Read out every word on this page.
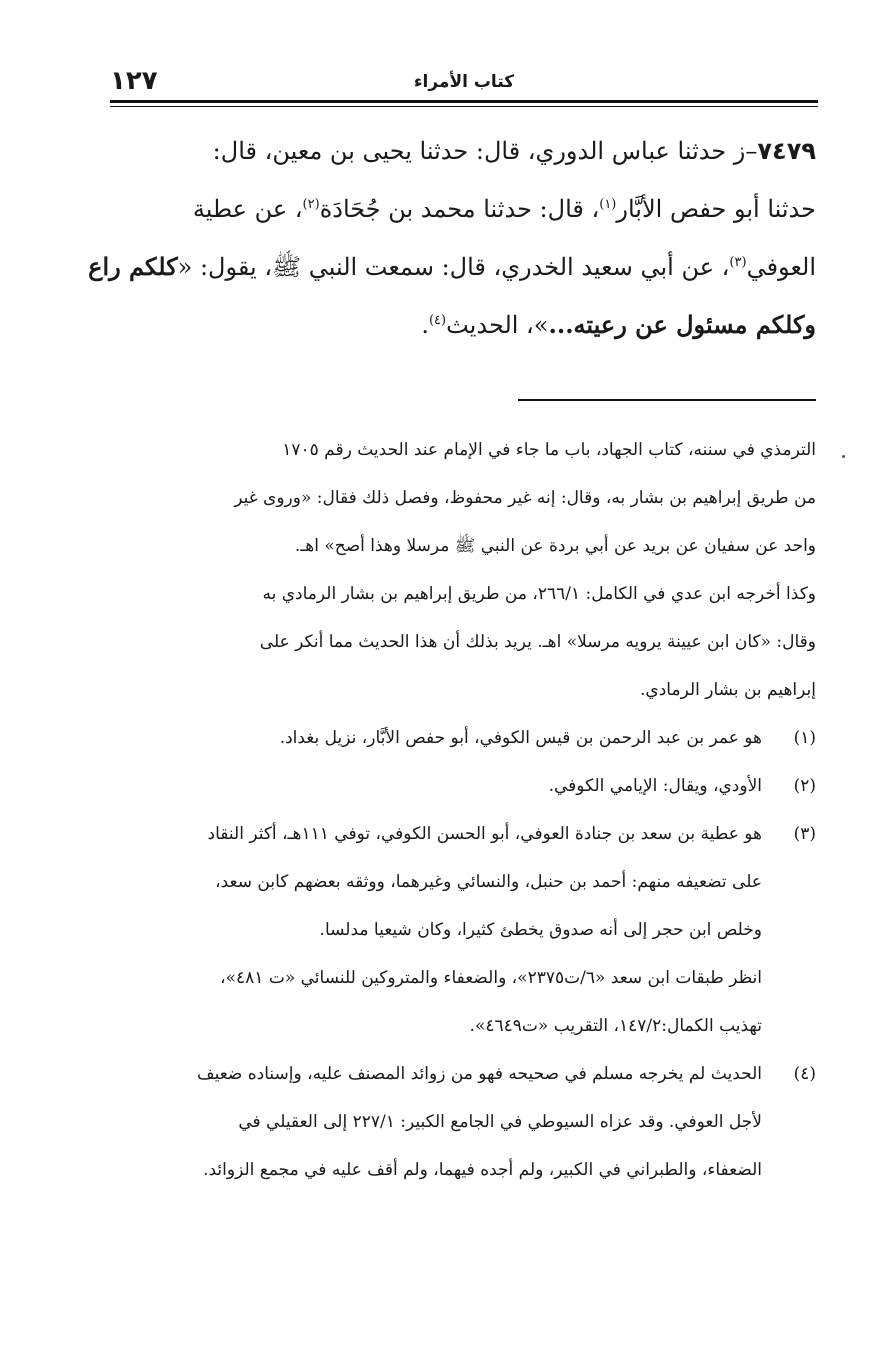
١٢٧	كتاب الأمراء
٧٤٧٩–ز حدثنا عباس الدوري، قال: حدثنا يحيى بن معين، قال:
حدثنا أبو حفص الأبَّار$^{(١)}$، قال: حدثنا محمد بن جُحَادَة$^{(٢)}$، عن عطية
العوفي$^{(٣)}$، عن أبي سعيد الخدري، قال: سمعت النبي ﷺ، يقول: «كلكم راع
وكلكم مسئول عن رعيته...»، الحديث$^{(٤)}$.
الترمذي في سننه، كتاب الجهاد، باب ما جاء في الإمام عند الحديث رقم ١٧٠٥
من طريق إبراهيم بن بشار به، وقال: إنه غير محفوظ، وفصل ذلك فقال: «وروى غير
واحد عن سفيان عن بريد عن أبي بردة عن النبي ﷺ مرسلا وهذا أصح» اهـ.
وكذا أخرجه ابن عدي في الكامل: ٢٦٦/١، من طريق إبراهيم بن بشار الرمادي به
وقال: «كان ابن عيينة يرويه مرسلا» اهـ. يريد بذلك أن هذا الحديث مما أنكر على
إبراهيم بن بشار الرمادي.
(١)هو عمر بن عبد الرحمن بن قيس الكوفي، أبو حفص الأبَّار، نزيل بغداد.
(٢)الأودي، ويقال: الإيامي الكوفي.
(٣)هو عطية بن سعد بن جنادة العوفي، أبو الحسن الكوفي، توفي ١١١هـ، أكثر النقاد
على تضعيفه منهم: أحمد بن حنبل، والنسائي وغيرهما، ووثقه بعضهم كابن سعد،
وخلص ابن حجر إلى أنه صدوق يخطئ كثيرا، وكان شيعيا مدلسا.
انظر طبقات ابن سعد «٦/ت٢٣٧٥»، والضعفاء والمتروكين للنسائي «ت ٤٨١»،
تهذيب الكمال:١٤٧/٢، التقريب «ت٤٦٤٩».
(٤)الحديث لم يخرجه مسلم في صحيحه فهو من زوائد المصنف عليه، وإسناده ضعيف
لأجل العوفي. وقد عزاه السيوطي في الجامع الكبير: ٢٢٧/١ إلى العقيلي في
الضعفاء، والطبراني في الكبير، ولم أجده فيهما، ولم أقف عليه في مجمع الزوائد.
